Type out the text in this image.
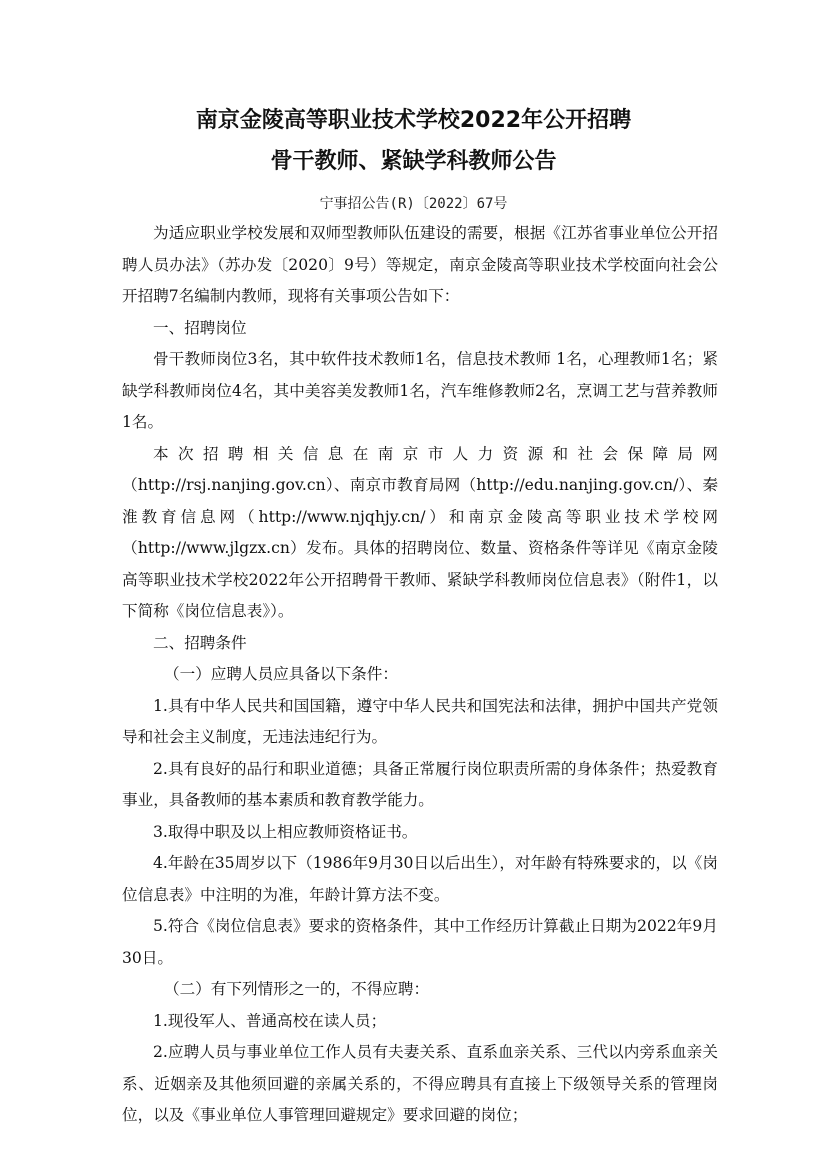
南京金陵高等职业技术学校2022年公开招聘
骨干教师、紧缺学科教师公告
宁事招公告(R)〔2022〕67号

为适应职业学校发展和双师型教师队伍建设的需要，根据《江苏省事业单位公开招聘人员办法》（苏办发〔2020〕9号）等规定，南京金陵高等职业技术学校面向社会公开招聘7名编制内教师，现将有关事项公告如下：

一、招聘岗位

骨干教师岗位3名，其中软件技术教师1名，信息技术教师 1名，心理教师1名；紧缺学科教师岗位4名，其中美容美发教师1名，汽车维修教师2名，烹调工艺与营养教师1名。

本次招聘相关信息在南京市人力资源和社会保障局网（http://rsj.nanjing.gov.cn）、南京市教育局网（http://edu.nanjing.gov.cn/）、秦淮教育信息网（http://www.njqhjy.cn/）和南京金陵高等职业技术学校网（http://www.jlgzx.cn）发布。具体的招聘岗位、数量、资格条件等详见《南京金陵高等职业技术学校2022年公开招聘骨干教师、紧缺学科教师岗位信息表》（附件1，以下简称《岗位信息表》）。

二、招聘条件

（一）应聘人员应具备以下条件：

1.具有中华人民共和国国籍，遵守中华人民共和国宪法和法律，拥护中国共产党领导和社会主义制度，无违法违纪行为。

2.具有良好的品行和职业道德；具备正常履行岗位职责所需的身体条件；热爱教育事业，具备教师的基本素质和教育教学能力。

3.取得中职及以上相应教师资格证书。

4.年龄在35周岁以下（1986年9月30日以后出生），对年龄有特殊要求的，以《岗位信息表》中注明的为准，年龄计算方法不变。

5.符合《岗位信息表》要求的资格条件，其中工作经历计算截止日期为2022年9月30日。

（二）有下列情形之一的，不得应聘：

1.现役军人、普通高校在读人员；

2.应聘人员与事业单位工作人员有夫妻关系、直系血亲关系、三代以内旁系血亲关系、近姻亲及其他须回避的亲属关系的，不得应聘具有直接上下级领导关系的管理岗位，以及《事业单位人事管理回避规定》要求回避的岗位；
